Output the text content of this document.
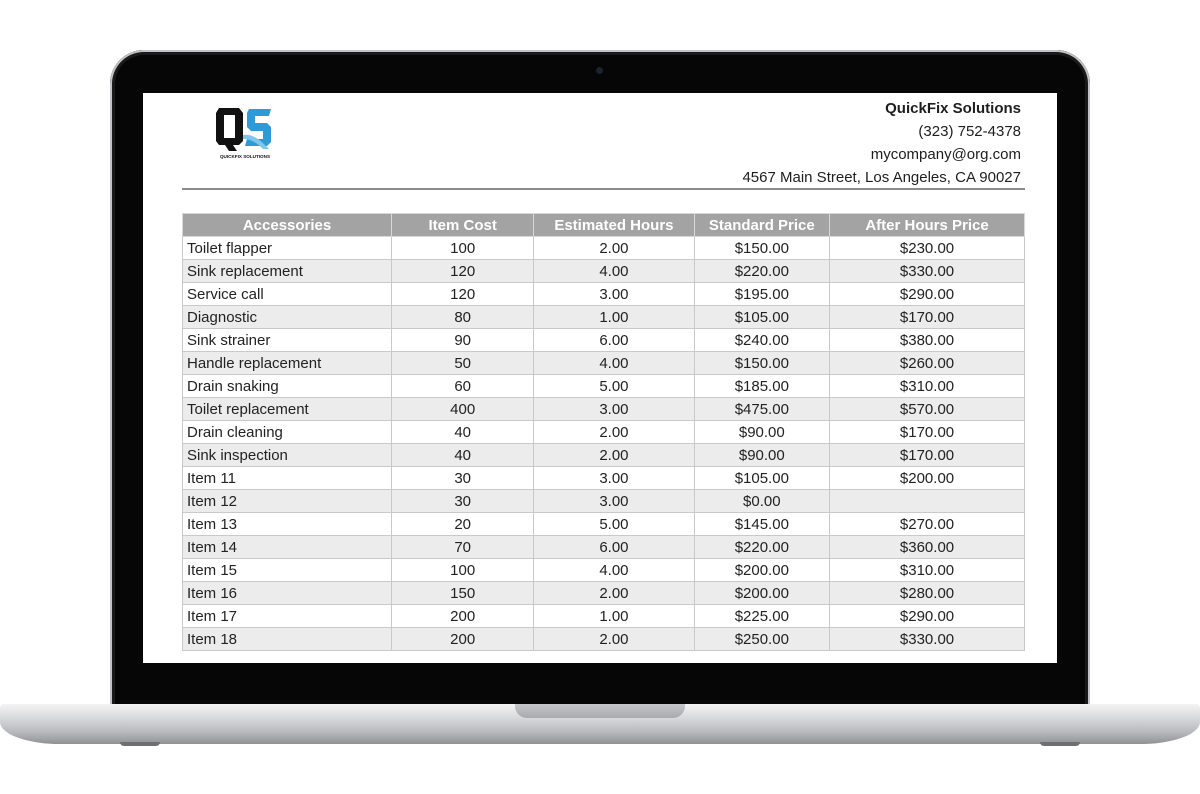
QUICKFIX SOLUTIONS
QuickFix Solutions
(323) 752-4378
mycompany@org.com
4567 Main Street, Los Angeles, CA 90027
Accessories	Item Cost	Estimated Hours	Standard Price	After Hours Price
Toilet flapper	100	2.00	$150.00	$230.00
Sink replacement	120	4.00	$220.00	$330.00
Service call	120	3.00	$195.00	$290.00
Diagnostic	80	1.00	$105.00	$170.00
Sink strainer	90	6.00	$240.00	$380.00
Handle replacement	50	4.00	$150.00	$260.00
Drain snaking	60	5.00	$185.00	$310.00
Toilet replacement	400	3.00	$475.00	$570.00
Drain cleaning	40	2.00	$90.00	$170.00
Sink inspection	40	2.00	$90.00	$170.00
Item 11	30	3.00	$105.00	$200.00
Item 12	30	3.00	$0.00	
Item 13	20	5.00	$145.00	$270.00
Item 14	70	6.00	$220.00	$360.00
Item 15	100	4.00	$200.00	$310.00
Item 16	150	2.00	$200.00	$280.00
Item 17	200	1.00	$225.00	$290.00
Item 18	200	2.00	$250.00	$330.00
